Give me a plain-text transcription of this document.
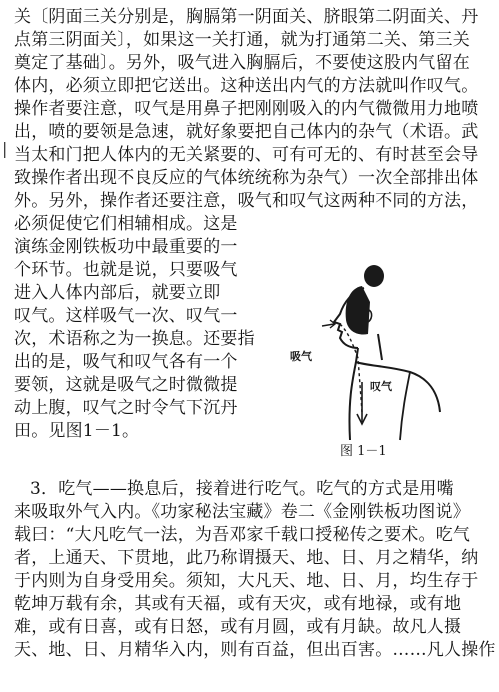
|
关〔阴面三关分别是，胸膈第一阴面关、脐眼第二阴面关、丹
点第三阴面关〕，如果这一关打通，就为打通第二关、第三关
奠定了基础〕。另外，吸气进入胸膈后，不要使这股内气留在
体内，必须立即把它送出。这种送出内气的方法就叫作叹气。
操作者要注意，叹气是用鼻子把刚刚吸入的内气微微用力地喷
出，喷的要领是急速，就好象要把自己体内的杂气（术语。武
当太和门把人体内的无关紧要的、可有可无的、有时甚至会导
致操作者出现不良反应的气体统统称为杂气）一次全部排出体
外。另外，操作者还要注意，吸气和叹气这两种不同的方法，
必须促使它们相辅相成。这是
演练金刚铁板功中最重要的一
个环节。也就是说，只要吸气
进入人体内部后，就要立即
叹气。这样吸气一次、叹气一
次，术语称之为一换息。还要指
出的是，吸气和叹气各有一个
要领，这就是吸气之时微微提
动上腹，叹气之时令气下沉丹
田。见图1－1。
吸气
叹气
图 1－1
3．吃气——换息后，接着进行吃气。吃气的方式是用嘴
来吸取外气入内。《功家秘法宝藏》卷二《金刚铁板功图说》
载曰：“大凡吃气一法，为吾邓家千载口授秘传之要术。吃气
者，上通天、下贯地，此乃称谓摄天、地、日、月之精华，纳
于内则为自身受用矣。须知，大凡天、地、日、月，均生存于
乾坤万载有余，其或有天福，或有天灾，或有地禄，或有地
难，或有日喜，或有日怒，或有月圆，或有月缺。故凡人摄
天、地、日、月精华入内，则有百益，但出百害。……凡人操作
